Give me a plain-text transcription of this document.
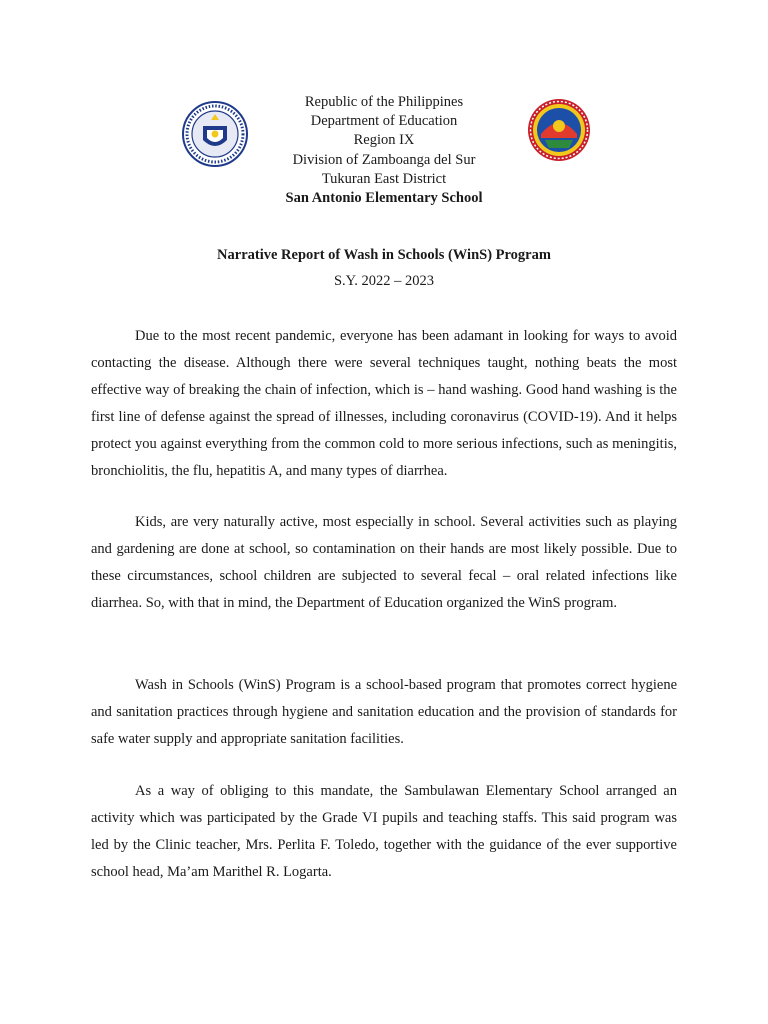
Republic of the Philippines
Department of Education
Region IX
Division of Zamboanga del Sur
Tukuran East District
San Antonio Elementary School
Narrative Report of Wash in Schools (WinS) Program
S.Y. 2022 – 2023

Due to the most recent pandemic, everyone has been adamant in looking for ways to avoid contacting the disease. Although there were several techniques taught, nothing beats the most effective way of breaking the chain of infection, which is – hand washing. Good hand washing is the first line of defense against the spread of illnesses, including coronavirus (COVID-19). And it helps protect you against everything from the common cold to more serious infections, such as meningitis, bronchiolitis, the flu, hepatitis A, and many types of diarrhea.

Kids, are very naturally active, most especially in school. Several activities such as playing and gardening are done at school, so contamination on their hands are most likely possible. Due to these circumstances, school children are subjected to several fecal – oral related infections like diarrhea. So, with that in mind, the Department of Education organized the WinS program.

Wash in Schools (WinS) Program is a school-based program that promotes correct hygiene and sanitation practices through hygiene and sanitation education and the provision of standards for safe water supply and appropriate sanitation facilities.

As a way of obliging to this mandate, the Sambulawan Elementary School arranged an activity which was participated by the Grade VI pupils and teaching staffs. This said program was led by the Clinic teacher, Mrs. Perlita F. Toledo, together with the guidance of the ever supportive school head, Ma’am Marithel R. Logarta.
